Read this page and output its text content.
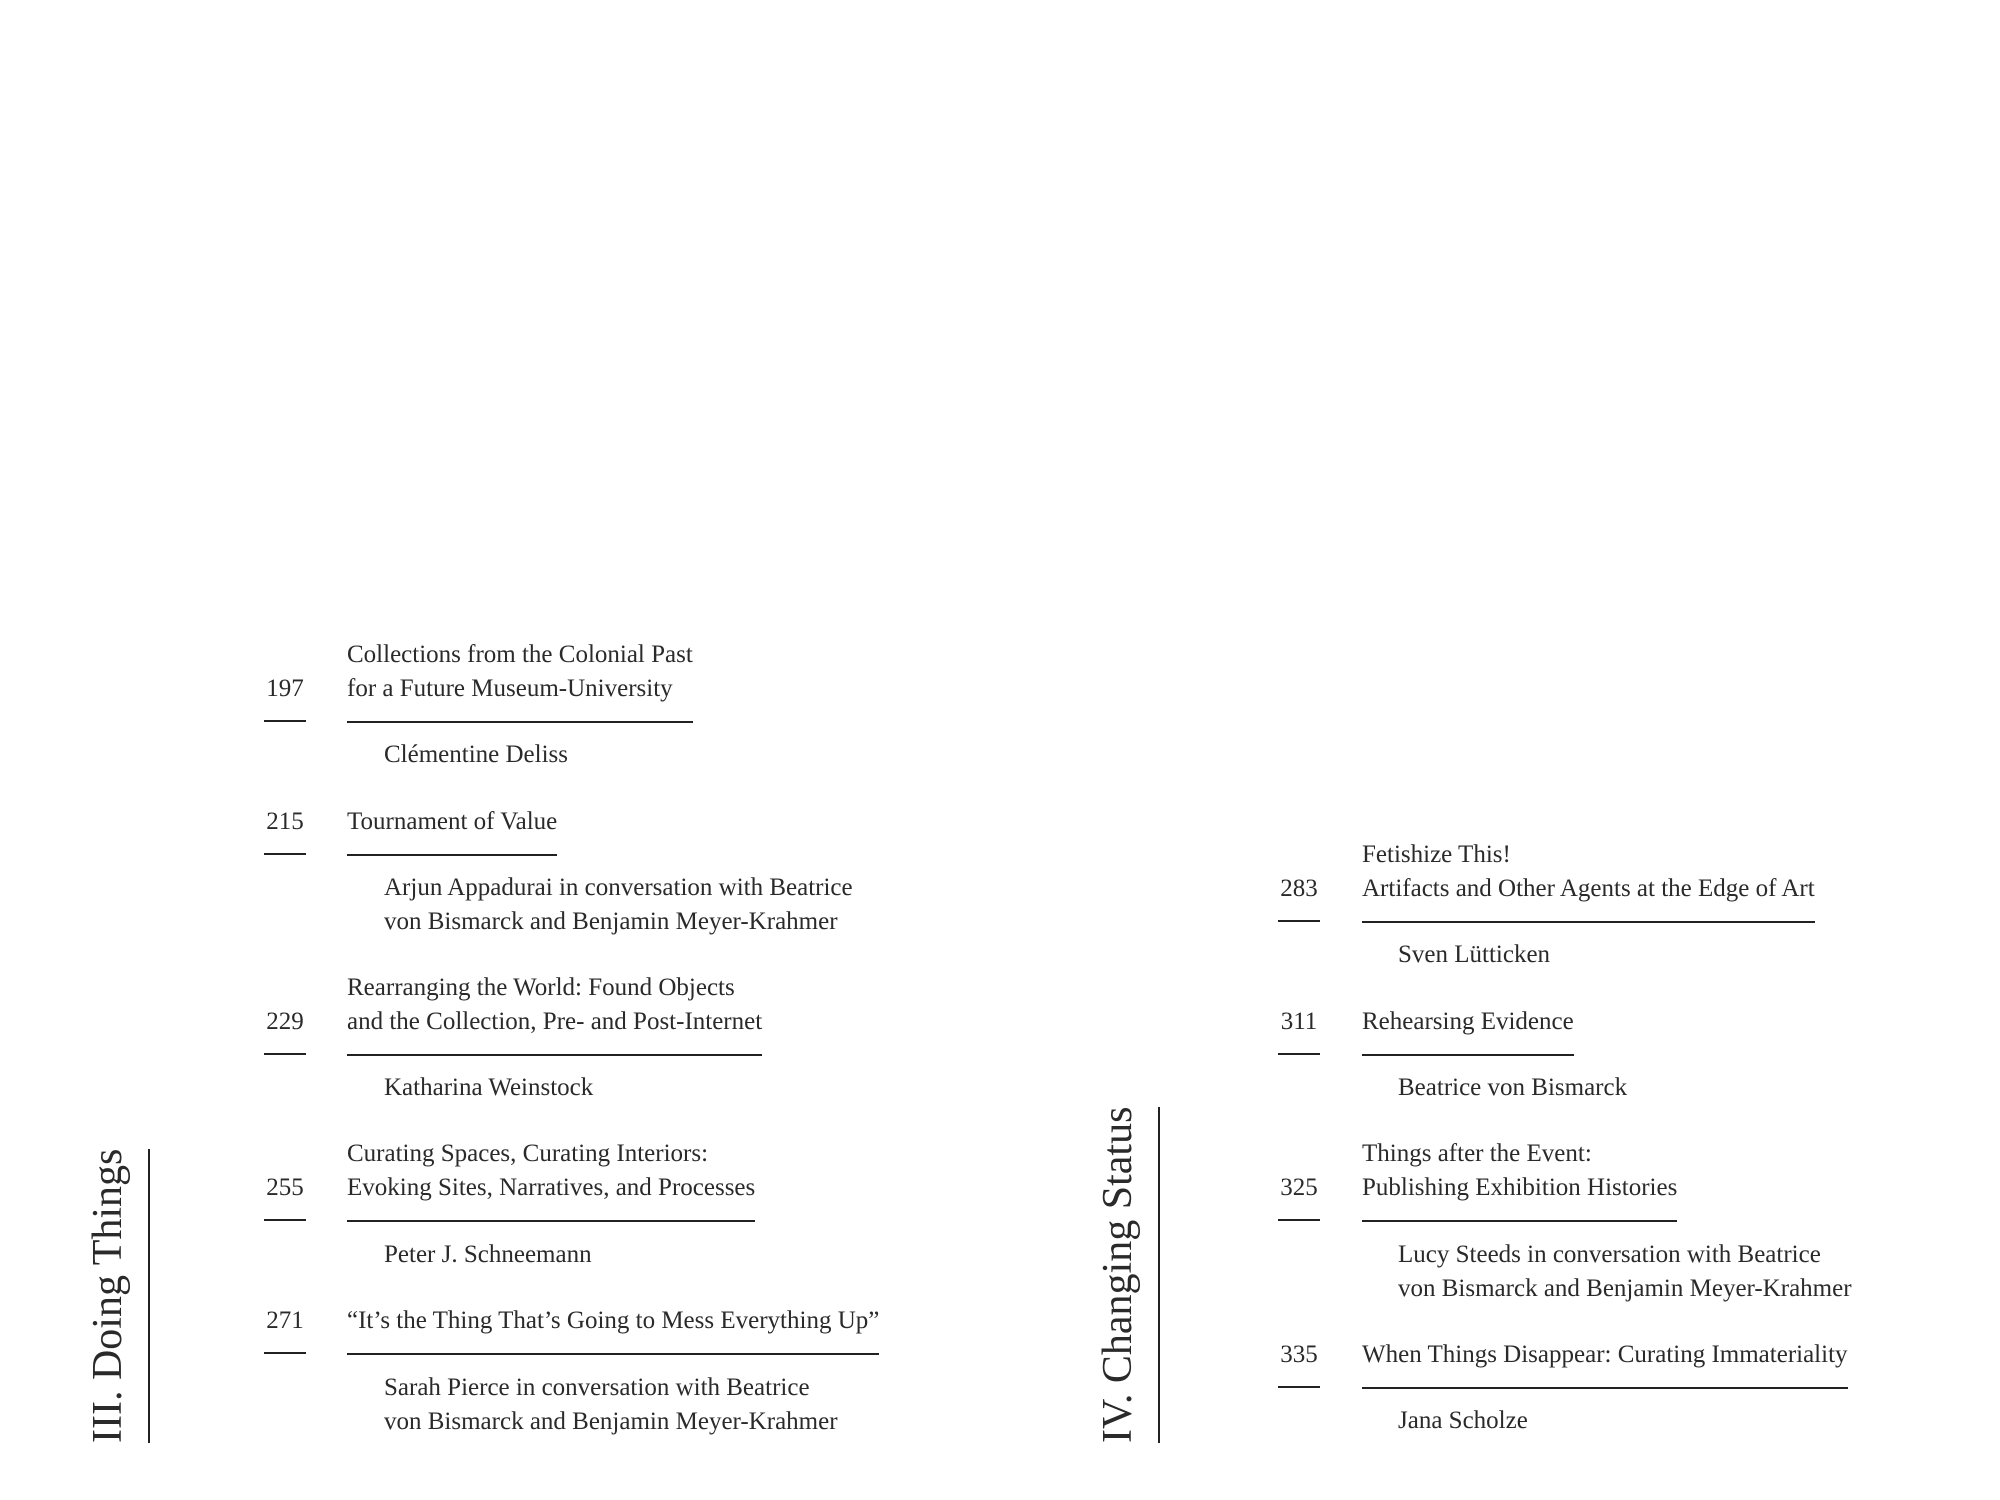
III. Doing Things	IV. Changing Status
197
Collections from the Colonial Past
for a Future Museum-University
Clémentine Deliss
215 Tournament of Value
Arjun Appadurai in conversation with Beatrice
von Bismarck and Benjamin Meyer-Krahmer
229
Rearranging the World: Found Objects
and the Collection, Pre- and Post-Internet
Katharina Weinstock
255
Curating Spaces, Curating Interiors:
Evoking Sites, Narratives, and Processes
Peter J. Schneemann
271 “It’s the Thing That’s Going to Mess Everything Up”
Sarah Pierce in conversation with Beatrice
von Bismarck and Benjamin Meyer-Krahmer
283
Fetishize This!
Artifacts and Other Agents at the Edge of Art
Sven Lütticken
311 Rehearsing Evidence
Beatrice von Bismarck
325
Things after the Event:
Publishing Exhibition Histories
Lucy Steeds in conversation with Beatrice
von Bismarck and Benjamin Meyer-Krahmer
335 When Things Disappear: Curating Immateriality
Jana Scholze
